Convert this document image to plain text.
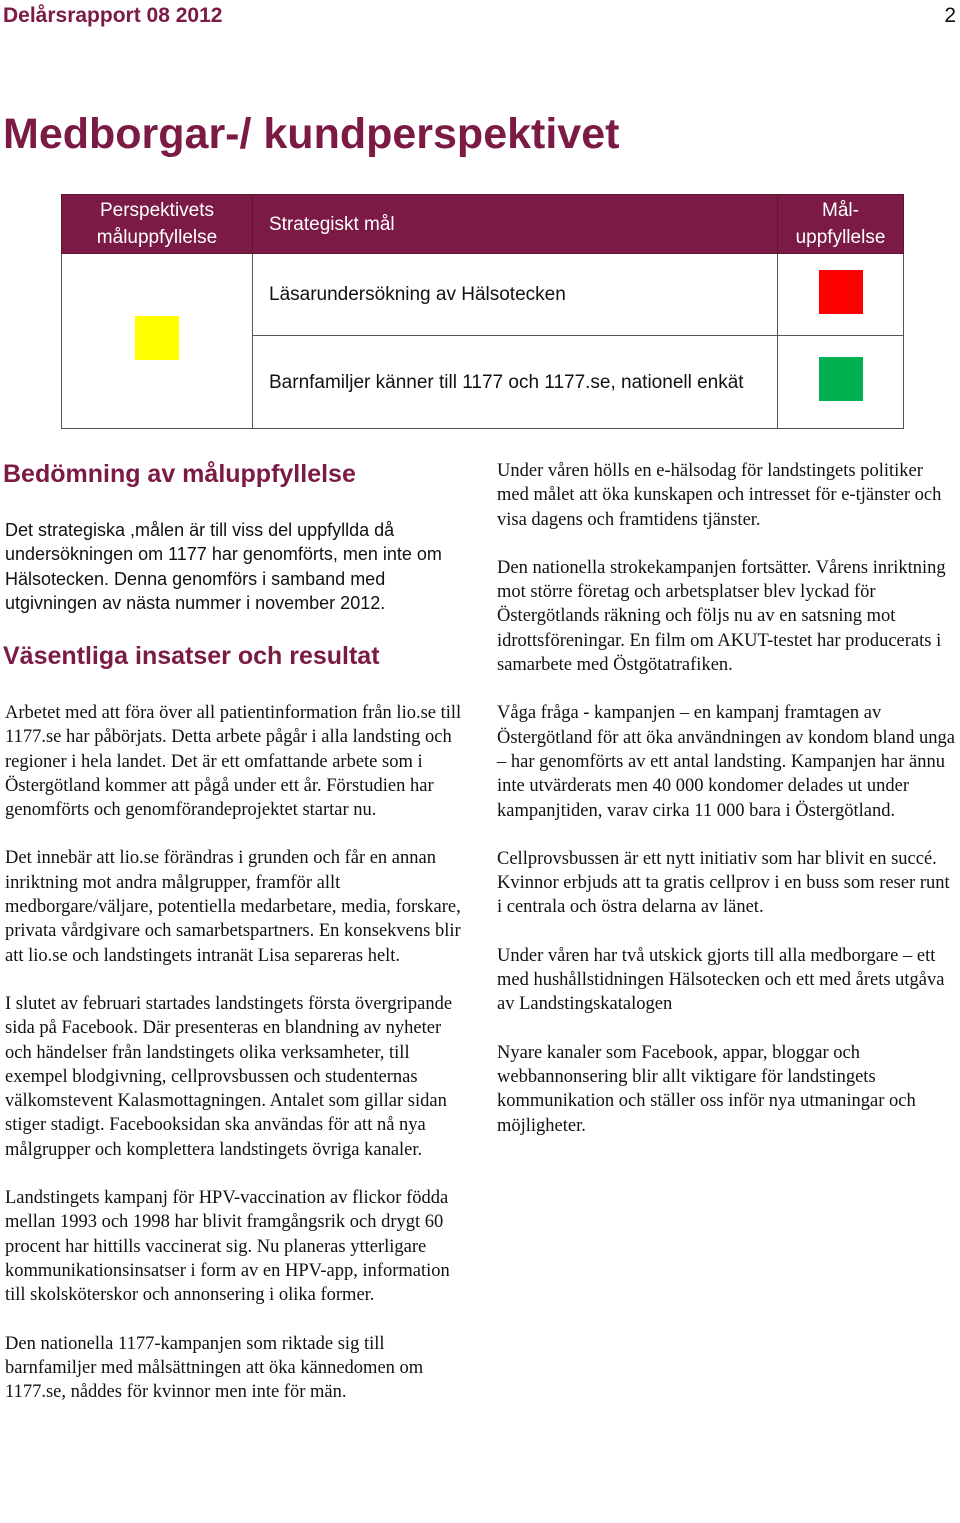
Delårsrapport 08 2012	2
Medborgar-/ kundperspektivet
Perspektivets måluppfyllelse	Strategiskt mål	Mål-uppfyllelse
	Läsarundersökning av Hälsotecken	
	Barnfamiljer känner till 1177 och 1177.se, nationell enkät	
Bedömning av måluppfyllelse

Det strategiska ,målen är till viss del uppfyllda då undersökningen om 1177 har genomförts, men inte om Hälsotecken. Denna genomförs i samband med utgivningen av nästa nummer i november 2012.

Väsentliga insatser och resultat

Arbetet med att föra över all patientinformation från lio.se till 1177.se har påbörjats. Detta arbete pågår i alla landsting och regioner i hela landet. Det är ett omfattande arbete som i Östergötland kommer att pågå under ett år. Förstudien har genomförts och genomförandeprojektet startar nu.

Det innebär att lio.se förändras i grunden och får en annan inriktning mot andra målgrupper, framför allt medborgare/väljare, potentiella medarbetare, media, forskare, privata vårdgivare och samarbetspartners. En konsekvens blir att lio.se och landstingets intranät Lisa separeras helt.

I slutet av februari startades landstingets första övergripande sida på Facebook. Där presenteras en blandning av nyheter och händelser från landstingets olika verksamheter, till exempel blodgivning, cellprovsbussen och studenternas välkomstevent Kalasmottagningen. Antalet som gillar sidan stiger stadigt. Facebooksidan ska användas för att nå nya målgrupper och komplettera landstingets övriga kanaler.

Landstingets kampanj för HPV-vaccination av flickor födda mellan 1993 och 1998 har blivit framgångsrik och drygt 60 procent har hittills vaccinerat sig. Nu planeras ytterligare kommunikationsinsatser i form av en HPV-app, information till skolsköterskor och annonsering i olika former.

Den nationella 1177-kampanjen som riktade sig till barnfamiljer med målsättningen att öka kännedomen om 1177.se, nåddes för kvinnor men inte för män.

Under våren hölls en e-hälsodag för landstingets politiker med målet att öka kunskapen och intresset för e-tjänster och visa dagens och framtidens tjänster.

Den nationella strokekampanjen fortsätter. Vårens inriktning mot större företag och arbetsplatser blev lyckad för Östergötlands räkning och följs nu av en satsning mot idrottsföreningar. En film om AKUT-testet har producerats i samarbete med Östgötatrafiken.

Våga fråga - kampanjen – en kampanj framtagen av Östergötland för att öka användningen av kondom bland unga – har genomförts av ett antal landsting. Kampanjen har ännu inte utvärderats men 40 000 kondomer delades ut under kampanjtiden, varav cirka 11 000 bara i Östergötland.

Cellprovsbussen är ett nytt initiativ som har blivit en succé. Kvinnor erbjuds att ta gratis cellprov i en buss som reser runt i centrala och östra delarna av länet.

Under våren har två utskick gjorts till alla medborgare – ett med hushållstidningen Hälsotecken och ett med årets utgåva av Landstingskatalogen

Nyare kanaler som Facebook, appar, bloggar och webbannonsering blir allt viktigare för landstingets kommunikation och ställer oss inför nya utmaningar och möjligheter.
